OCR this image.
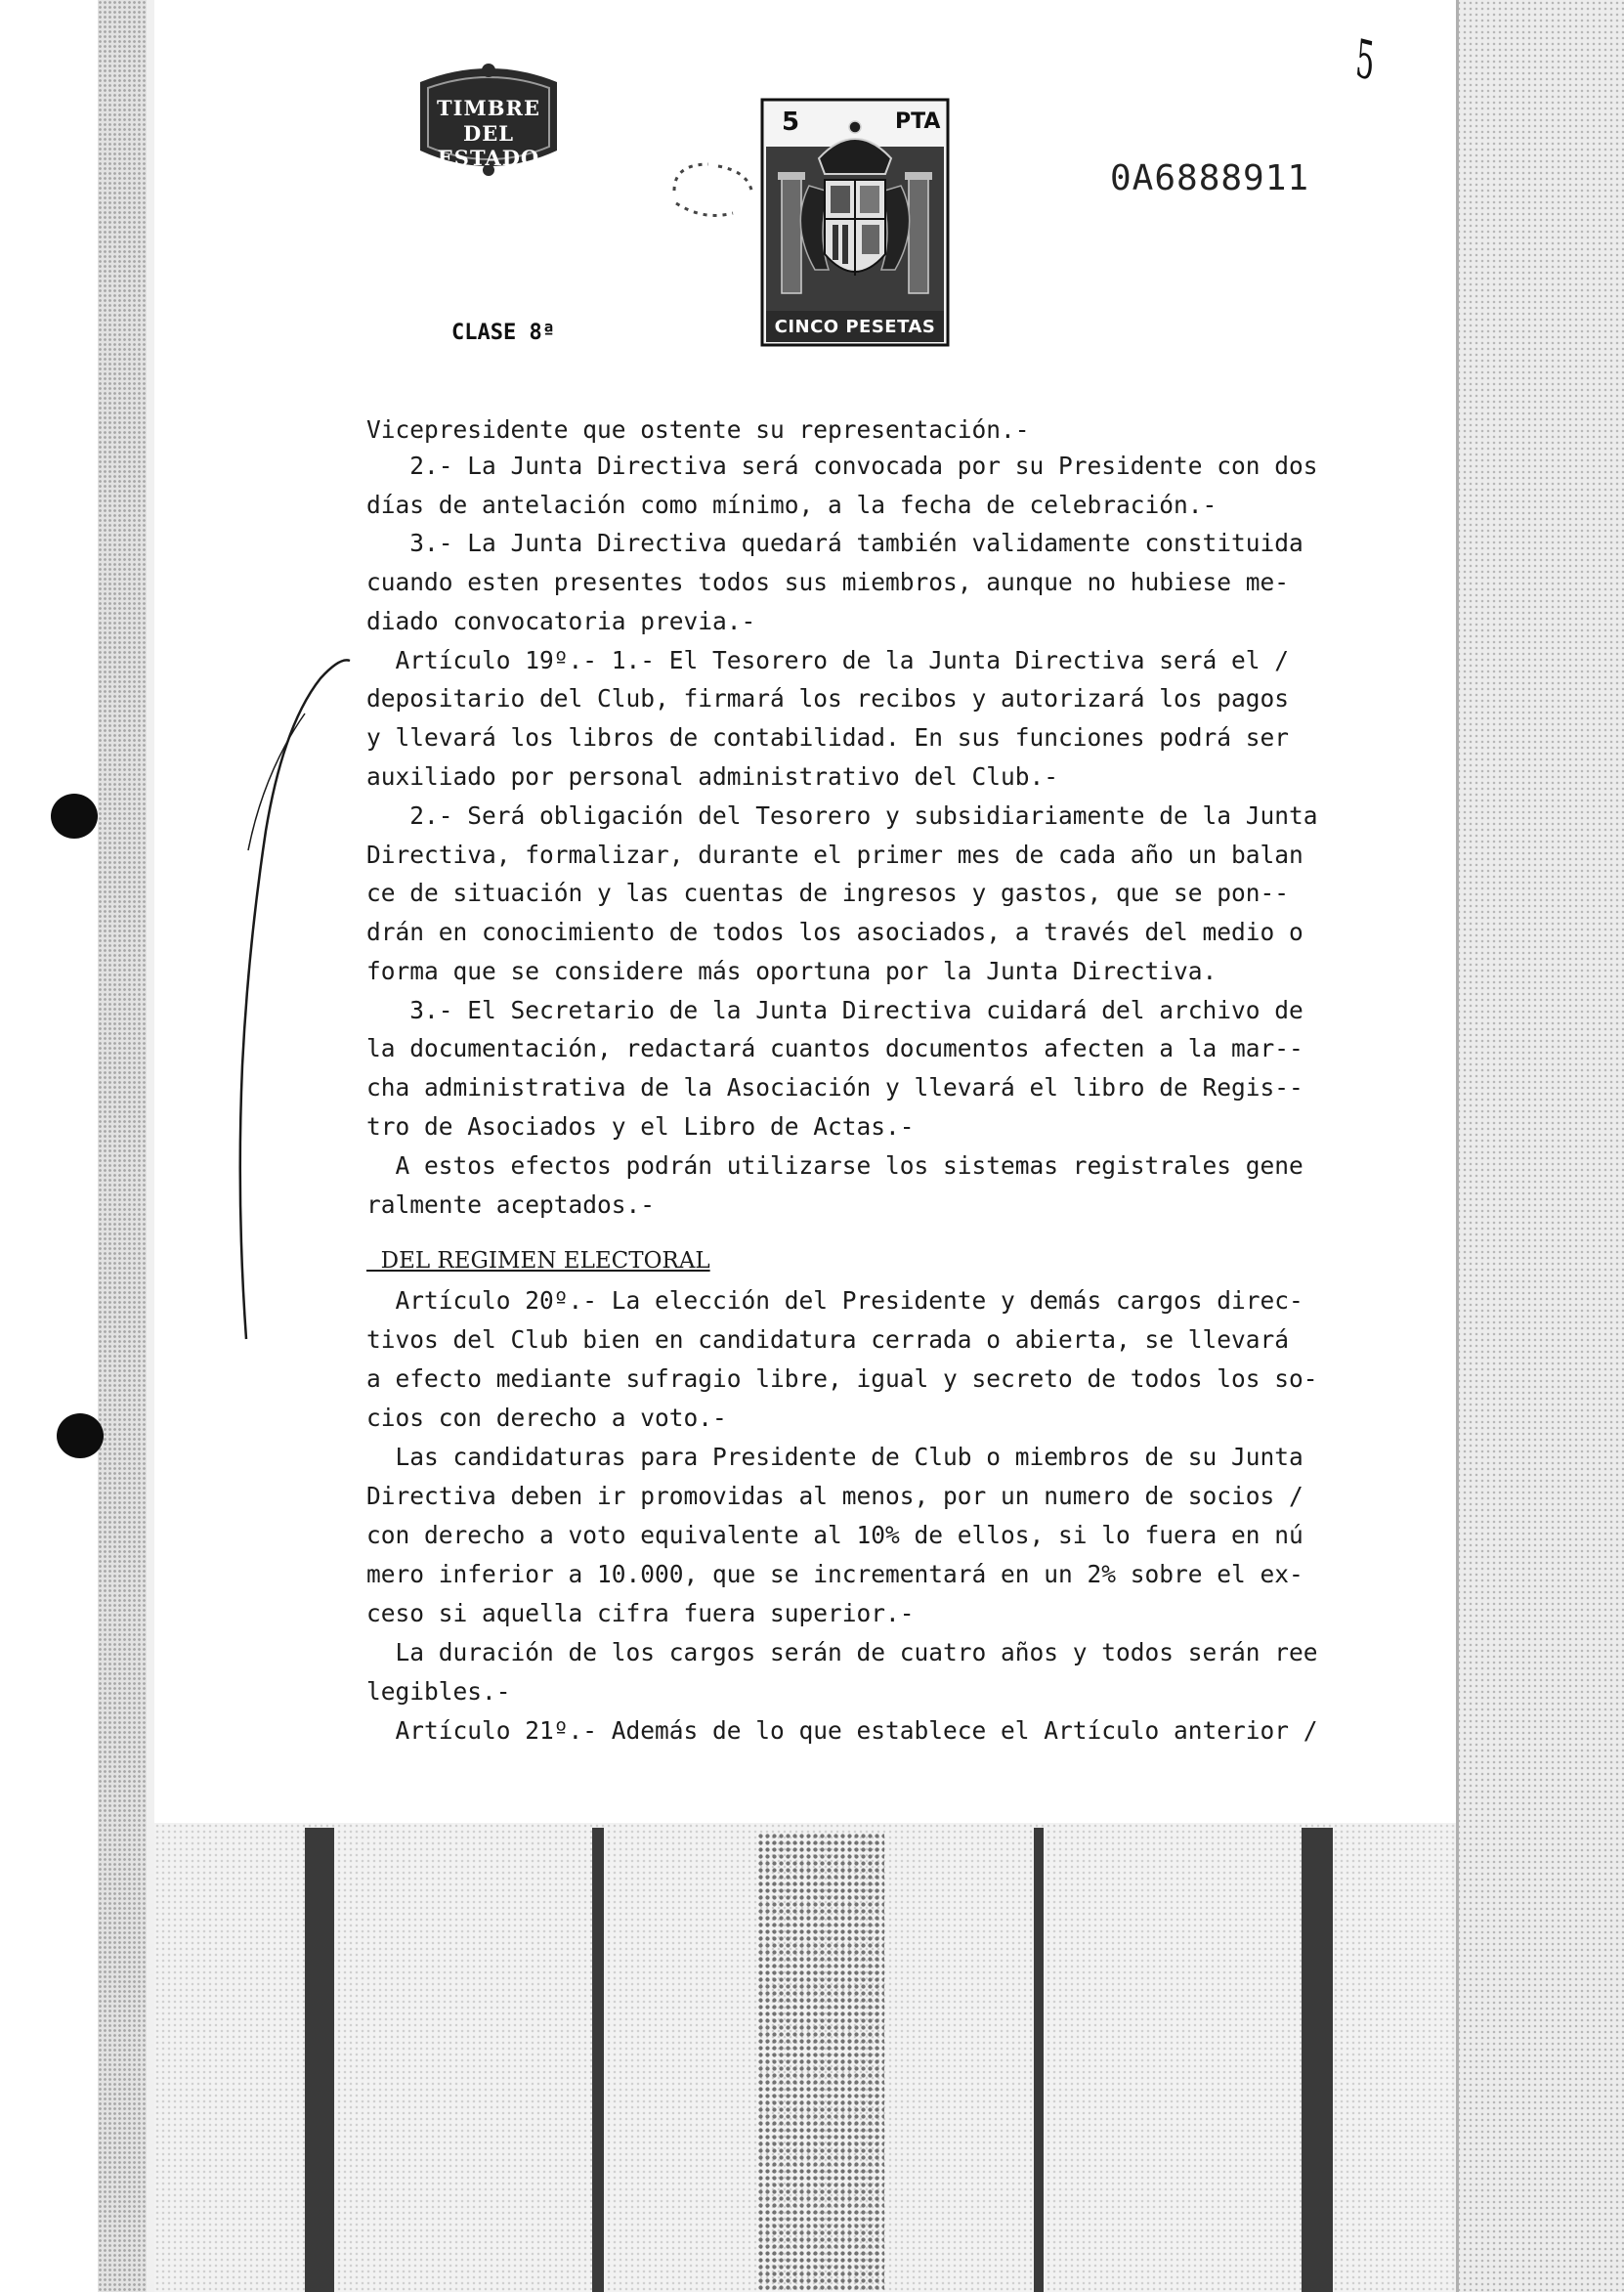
TIMBRE
DEL ESTADO
5	PTA
CINCO PESETAS
0A6888911
CLASE 8ª
5
Vicepresidente que ostente su representación.-
2.- La Junta Directiva será convocada por su Presidente con dos
días de antelación como mínimo, a la fecha de celebración.-
3.- La Junta Directiva quedará también validamente constituida
cuando esten presentes todos sus miembros, aunque no hubiese me-
diado convocatoria previa.-
Artículo 19º.- 1.- El Tesorero de la Junta Directiva será el /
depositario del Club, firmará los recibos y autorizará los pagos
y llevará los libros de contabilidad. En sus funciones podrá ser
auxiliado por personal administrativo del Club.-
2.- Será obligación del Tesorero y subsidiariamente de la Junta
Directiva, formalizar, durante el primer mes de cada año un balan
ce de situación y las cuentas de ingresos y gastos, que se pon--
drán en conocimiento de todos los asociados, a través del medio o
forma que se considere más oportuna por la Junta Directiva.
3.- El Secretario de la Junta Directiva cuidará del archivo de
la documentación, redactará cuantos documentos afecten a la mar--
cha administrativa de la Asociación y llevará el libro de Regis--
tro de Asociados y el Libro de Actas.-
A estos efectos podrán utilizarse los sistemas registrales gene
ralmente aceptados.-
DEL REGIMEN ELECTORAL
Artículo 20º.- La elección del Presidente y demás cargos direc-
tivos del Club bien en candidatura cerrada o abierta, se llevará
a efecto mediante sufragio libre, igual y secreto de todos los so-
cios con derecho a voto.-
Las candidaturas para Presidente de Club o miembros de su Junta
Directiva deben ir promovidas al menos, por un numero de socios /
con derecho a voto equivalente al 10% de ellos, si lo fuera en nú
mero inferior a 10.000, que se incrementará en un 2% sobre el ex-
ceso si aquella cifra fuera superior.-
La duración de los cargos serán de cuatro años y todos serán ree
legibles.-
Artículo 21º.- Además de lo que establece el Artículo anterior /
